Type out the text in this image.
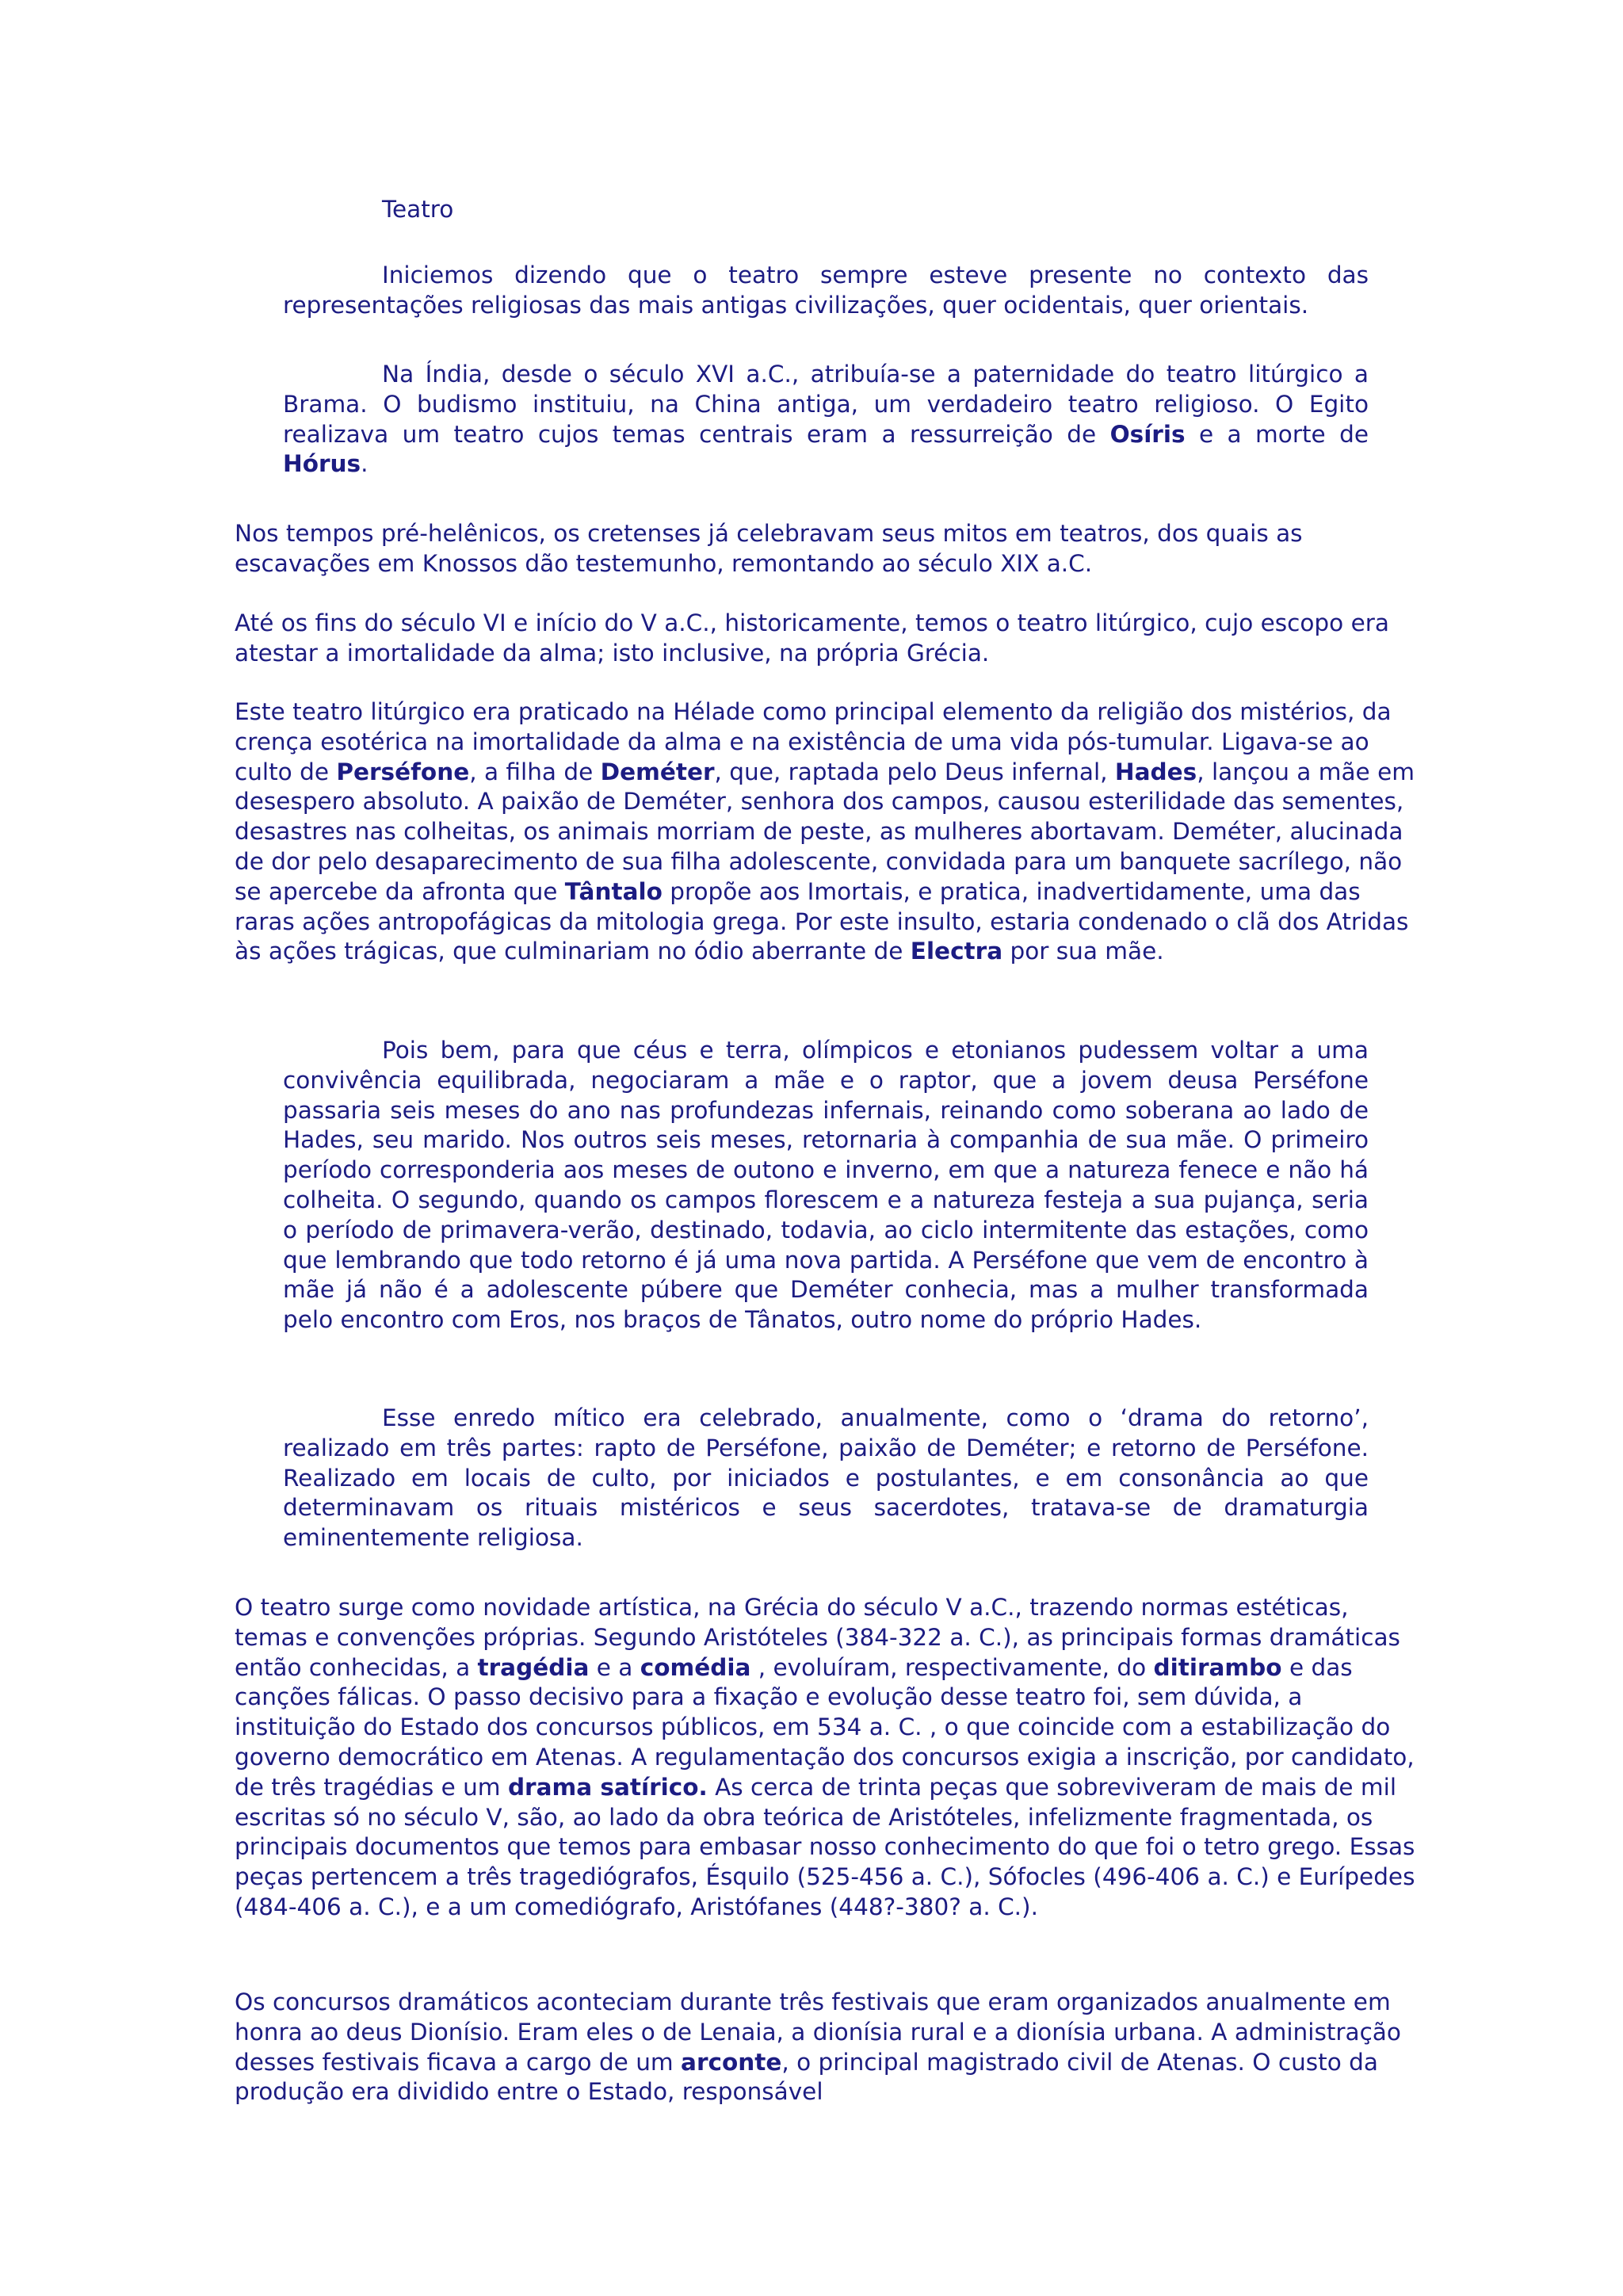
Teatro

Iniciemos dizendo que o teatro sempre esteve presente no contexto das representações religiosas das mais antigas civilizações, quer ocidentais, quer orientais.

Na Índia, desde o século XVI a.C., atribuía-se a paternidade do teatro litúrgico a Brama. O budismo instituiu, na China antiga, um verdadeiro teatro religioso. O Egito realizava um teatro cujos temas centrais eram a ressurreição de Osíris e a morte de Hórus.

Nos tempos pré-helênicos, os cretenses já celebravam seus mitos em teatros, dos quais as escavações em Knossos dão testemunho, remontando ao século XIX a.C.

Até os fins do século VI e início do V a.C., historicamente, temos o teatro litúrgico, cujo escopo era atestar a imortalidade da alma; isto inclusive, na própria Grécia.

Este teatro litúrgico era praticado na Hélade como principal elemento da religião dos mistérios, da crença esotérica na imortalidade da alma e na existência de uma vida pós-tumular. Ligava-se ao culto de Perséfone, a filha de Deméter, que, raptada pelo Deus infernal, Hades, lançou a mãe em desespero absoluto. A paixão de Deméter, senhora dos campos, causou esterilidade das sementes, desastres nas colheitas, os animais morriam de peste, as mulheres abortavam. Deméter, alucinada de dor pelo desaparecimento de sua filha adolescente, convidada para um banquete sacrílego, não se apercebe da afronta que Tântalo propõe aos Imortais, e pratica, inadvertidamente, uma das raras ações antropofágicas da mitologia grega. Por este insulto, estaria condenado o clã dos Atridas às ações trágicas, que culminariam no ódio aberrante de Electra por sua mãe.

Pois bem, para que céus e terra, olímpicos e etonianos pudessem voltar a uma convivência equilibrada, negociaram a mãe e o raptor, que a jovem deusa Perséfone passaria seis meses do ano nas profundezas infernais, reinando como soberana ao lado de Hades, seu marido. Nos outros seis meses, retornaria à companhia de sua mãe. O primeiro período corresponderia aos meses de outono e inverno, em que a natureza fenece e não há colheita. O segundo, quando os campos florescem e a natureza festeja a sua pujança, seria o período de primavera-verão, destinado, todavia, ao ciclo intermitente das estações, como que lembrando que todo retorno é já uma nova partida. A Perséfone que vem de encontro à mãe já não é a adolescente púbere que Deméter conhecia, mas a mulher transformada pelo encontro com Eros, nos braços de Tânatos, outro nome do próprio Hades.

Esse enredo mítico era celebrado, anualmente, como o ‘drama do retorno’, realizado em três partes: rapto de Perséfone, paixão de Deméter; e retorno de Perséfone. Realizado em locais de culto, por iniciados e postulantes, e em consonância ao que determinavam os rituais mistéricos e seus sacerdotes, tratava-se de dramaturgia eminentemente religiosa.

O teatro surge como novidade artística, na Grécia do século V a.C., trazendo normas estéticas, temas e convenções próprias. Segundo Aristóteles (384-322 a. C.), as principais formas dramáticas então conhecidas, a tragédia e a comédia , evoluíram, respectivamente, do ditirambo e das canções fálicas. O passo decisivo para a fixação e evolução desse teatro foi, sem dúvida, a instituição do Estado dos concursos públicos, em 534 a. C. , o que coincide com a estabilização do governo democrático em Atenas. A regulamentação dos concursos exigia a inscrição, por candidato, de três tragédias e um drama satírico. As cerca de trinta peças que sobreviveram de mais de mil escritas só no século V, são, ao lado da obra teórica de Aristóteles, infelizmente fragmentada, os principais documentos que temos para embasar nosso conhecimento do que foi o tetro grego. Essas peças pertencem a três tragediógrafos, Ésquilo (525-456 a. C.), Sófocles (496-406 a. C.) e Eurípedes (484-406 a. C.), e a um comediógrafo, Aristófanes (448?-380? a. C.).

Os concursos dramáticos aconteciam durante três festivais que eram organizados anualmente em honra ao deus Dionísio. Eram eles o de Lenaia, a dionísia rural e a dionísia urbana. A administração desses festivais ficava a cargo de um arconte, o principal magistrado civil de Atenas. O custo da produção era dividido entre o Estado, responsável
